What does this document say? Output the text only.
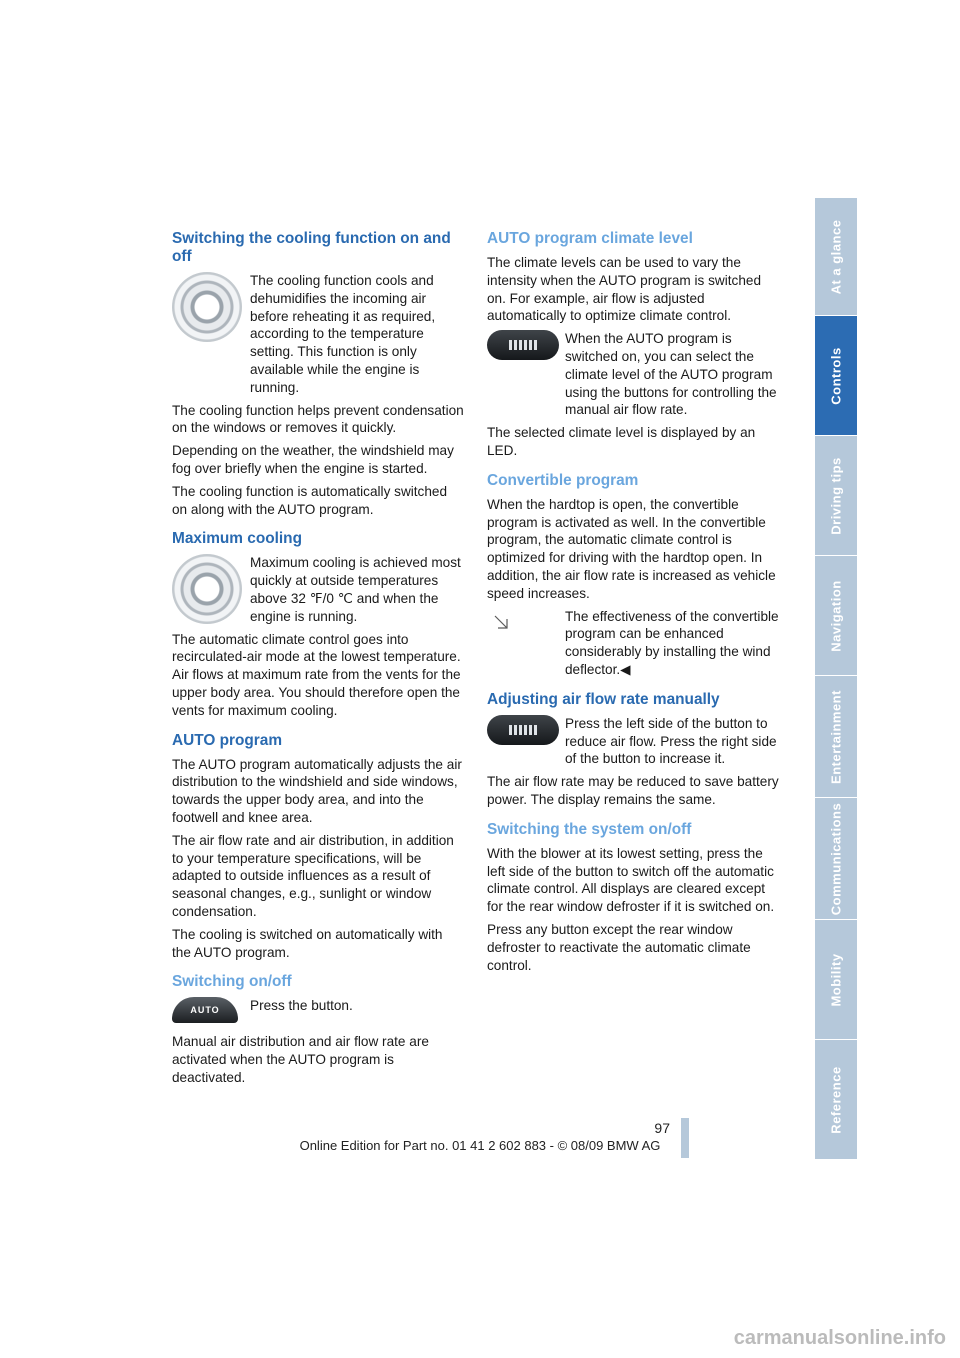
Switching the cooling function on and off

The cooling function cools and dehumidifies the incoming air before reheating it as required, according to the temperature setting. This function is only available while the engine is running.

The cooling function helps prevent condensation on the windows or removes it quickly.

Depending on the weather, the windshield may fog over briefly when the engine is started.

The cooling function is automatically switched on along with the AUTO program.

Maximum cooling

Maximum cooling is achieved most quickly at outside temperatures above 32 ℉/0 ℃ and when the engine is running.

The automatic climate control goes into recirculated-air mode at the lowest temperature. Air flows at maximum rate from the vents for the upper body area. You should therefore open the vents for maximum cooling.

AUTO program

The AUTO program automatically adjusts the air distribution to the windshield and side windows, towards the upper body area, and into the footwell and knee area.

The air flow rate and air distribution, in addition to your temperature specifications, will be adapted to outside influences as a result of seasonal changes, e.g., sunlight or window condensation.

The cooling is switched on automatically with the AUTO program.

Switching on/off
AUTO Press the button.

Manual air distribution and air flow rate are activated when the AUTO program is deactivated.

AUTO program climate level

The climate levels can be used to vary the intensity when the AUTO program is switched on. For example, air flow is adjusted automatically to optimize climate control.

When the AUTO program is switched on, you can select the climate level of the AUTO program using the buttons for controlling the manual air flow rate.

The selected climate level is displayed by an LED.

Convertible program

When the hardtop is open, the convertible program is activated as well. In the convertible program, the automatic climate control is optimized for driving with the hardtop open. In addition, the air flow rate is increased as vehicle speed increases.

The effectiveness of the convertible program can be enhanced considerably by installing the wind deflector.◀

Adjusting air flow rate manually

Press the left side of the button to reduce air flow. Press the right side of the button to increase it.

The air flow rate may be reduced to save battery power. The display remains the same.

Switching the system on/off

With the blower at its lowest setting, press the left side of the button to switch off the automatic climate control. All displays are cleared except for the rear window defroster if it is switched on.

Press any button except the rear window defroster to reactivate the automatic climate control.

At a glance
Controls
Driving tips
Navigation
Entertainment
Communications
Mobility
Reference
97
Online Edition for Part no. 01 41 2 602 883 - © 08/09 BMW AG
carmanualsonline.info
